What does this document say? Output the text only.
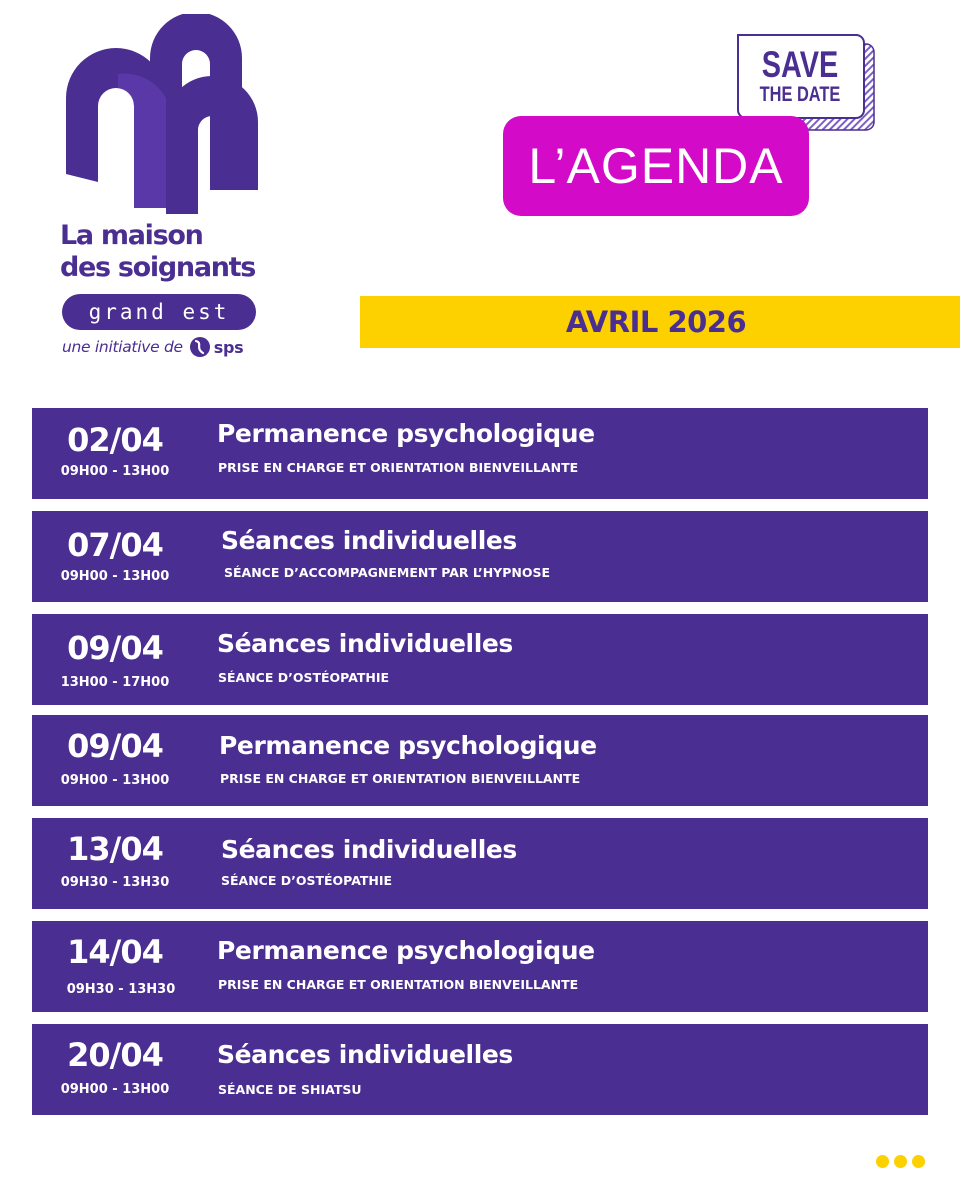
La maison
des soignants
grand est
une initiative de sps
SAVE
THE DATE
L’AGENDA
AVRIL 2026
02/04
09H00 - 13H00
Permanence psychologique
PRISE EN CHARGE ET ORIENTATION BIENVEILLANTE
07/04
09H00 - 13H00
Séances individuelles
SÉANCE D’ACCOMPAGNEMENT PAR L’HYPNOSE
09/04
13H00 - 17H00
Séances individuelles
SÉANCE D’OSTÉOPATHIE
09/04
09H00 - 13H00
Permanence psychologique
PRISE EN CHARGE ET ORIENTATION BIENVEILLANTE
13/04
09H30 - 13H30
Séances individuelles
SÉANCE D’OSTÉOPATHIE
14/04
09H30 - 13H30
Permanence psychologique
PRISE EN CHARGE ET ORIENTATION BIENVEILLANTE
20/04
09H00 - 13H00
Séances individuelles
SÉANCE DE SHIATSU
